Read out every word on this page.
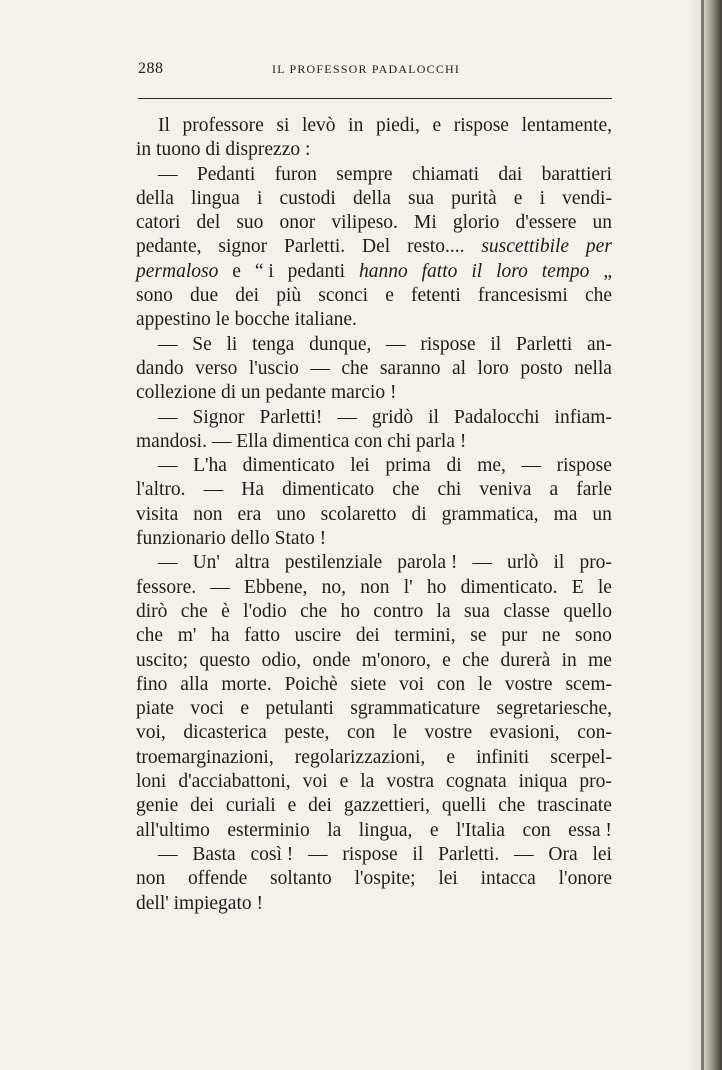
288	IL PROFESSOR PADALOCCHI
Il professore si levò in piedi, e rispose lentamente,
in
tuono
di
disprezzo :
— Pedanti furon sempre chiamati dai barattieri
della lingua i custodi della sua purità e i vendi-
catori del suo onor vilipeso. Mi glorio d'essere un
pedante, signor Parletti. Del resto.... suscettibile per
permaloso e “ i pedanti hanno fatto il loro tempo „
sono due dei più sconci e fetenti francesismi che
appestino
le
bocche
italiane.
— Se li tenga dunque, — rispose il Parletti an-
dando verso l'uscio — che saranno al loro posto nella
collezione
di
un
pedante
marcio !
— Signor Parletti! — gridò il Padalocchi infiam-
mandosi.
—
Ella
dimentica
con
chi
parla !
— L'ha dimenticato lei prima di me, — rispose
l'altro. — Ha dimenticato che chi veniva a farle
visita non era uno scolaretto di grammatica, ma un
funzionario
dello
Stato !
— Un' altra pestilenziale parola ! — urlò il pro-
fessore. — Ebbene, no, non l' ho dimenticato. E le
dirò che è l'odio che ho contro la sua classe quello
che m' ha fatto uscire dei termini, se pur ne sono
uscito; questo odio, onde m'onoro, e che durerà in me
fino alla morte. Poichè siete voi con le vostre scem-
piate voci e petulanti sgrammaticature segretariesche,
voi, dicasterica peste, con le vostre evasioni, con-
troemarginazioni, regolarizzazioni, e infiniti scerpel-
loni d'acciabattoni, voi e la vostra cognata iniqua pro-
genie dei curiali e dei gazzettieri, quelli che trascinate
all'ultimo esterminio la lingua, e l'Italia con essa !
— Basta così ! — rispose il Parletti. — Ora lei
non offende soltanto l'ospite; lei intacca l'onore
dell'
impiegato !
